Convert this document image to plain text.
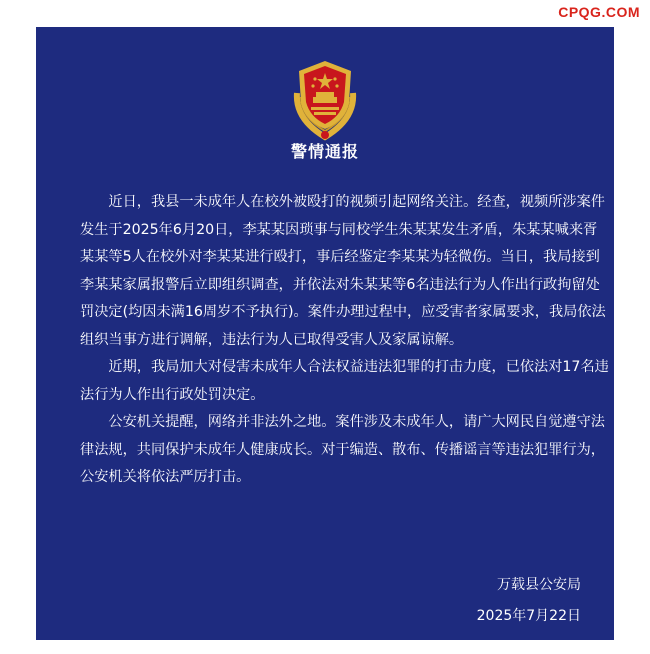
CPQG.COM
警情通报

近日，我县一未成年人在校外被殴打的视频引起网络关注。经查，视频所涉案件发生于2025年6月20日，李某某因琐事与同校学生朱某某发生矛盾，朱某某喊来胥某某等5人在校外对李某某进行殴打，事后经鉴定李某某为轻微伤。当日，我局接到李某某家属报警后立即组织调查，并依法对朱某某等6名违法行为人作出行政拘留处罚决定(均因未满16周岁不予执行)。案件办理过程中，应受害者家属要求，我局依法组织当事方进行调解，违法行为人已取得受害人及家属谅解。

近期，我局加大对侵害未成年人合法权益违法犯罪的打击力度，已依法对17名违法行为人作出行政处罚决定。

公安机关提醒，网络并非法外之地。案件涉及未成年人，请广大网民自觉遵守法律法规，共同保护未成年人健康成长。对于编造、散布、传播谣言等违法犯罪行为，公安机关将依法严厉打击。

万载县公安局
2025年7月22日
